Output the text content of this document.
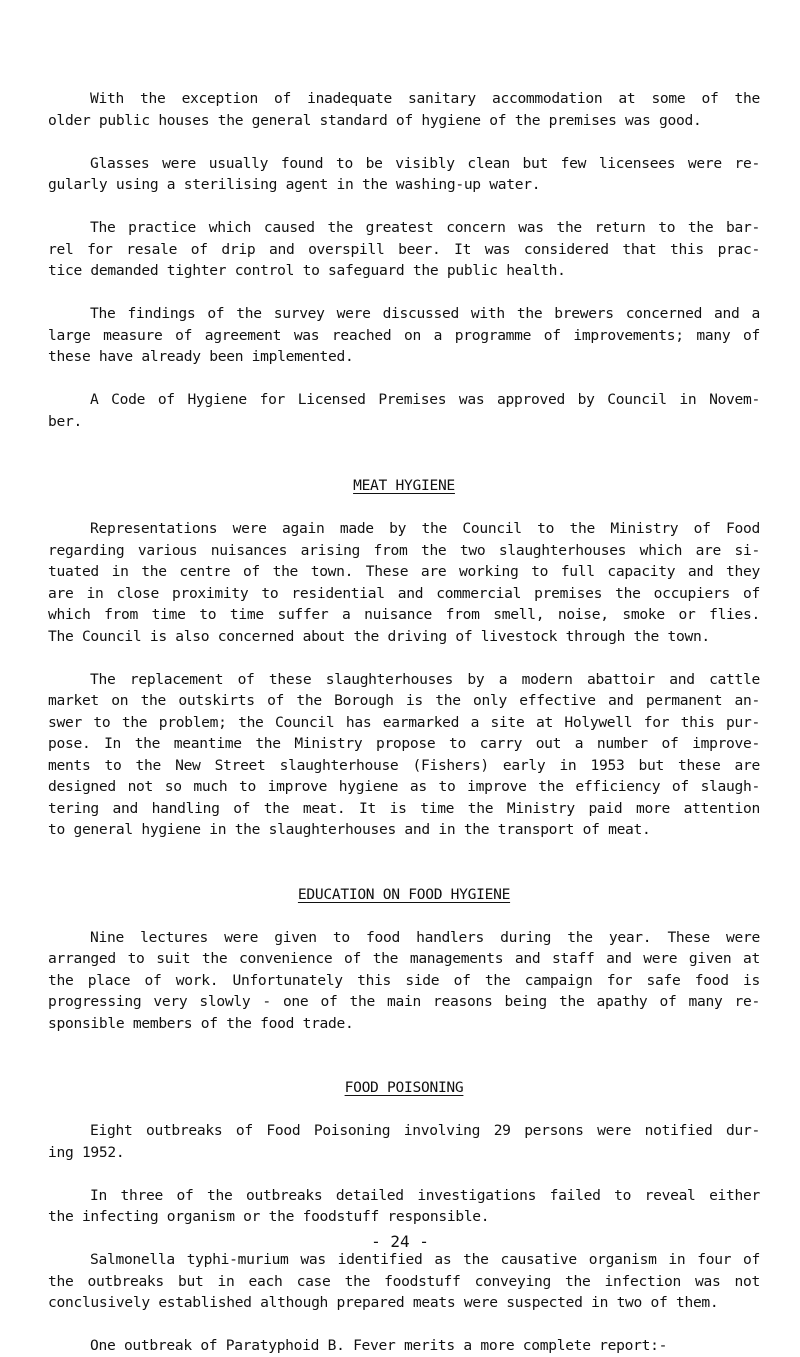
With the exception of inadequate sanitary accommodation at some of the
older public houses the general standard of hygiene of the premises was good.
Glasses were usually found to be visibly clean but few licensees were re-
gularly using a sterilising agent in the washing-up water.
The practice which caused the greatest concern was the return to the bar-
rel for resale of drip and overspill beer. It was considered that this prac-
tice demanded tighter control to safeguard the public health.
The findings of the survey were discussed with the brewers concerned and a
large measure of agreement was reached on a programme of improvements; many of
these have already been implemented.
A Code of Hygiene for Licensed Premises was approved by Council in Novem-
ber.
MEAT HYGIENE
Representations were again made by the Council to the Ministry of Food
regarding various nuisances arising from the two slaughterhouses which are si-
tuated in the centre of the town. These are working to full capacity and they
are in close proximity to residential and commercial premises the occupiers of
which from time to time suffer a nuisance from smell, noise, smoke or flies.
The Council is also concerned about the driving of livestock through the town.
The replacement of these slaughterhouses by a modern abattoir and cattle
market on the outskirts of the Borough is the only effective and permanent an-
swer to the problem; the Council has earmarked a site at Holywell for this pur-
pose. In the meantime the Ministry propose to carry out a number of improve-
ments to the New Street slaughterhouse (Fishers) early in 1953 but these are
designed not so much to improve hygiene as to improve the efficiency of slaugh-
tering and handling of the meat. It is time the Ministry paid more attention
to general hygiene in the slaughterhouses and in the transport of meat.
EDUCATION ON FOOD HYGIENE
Nine lectures were given to food handlers during the year. These were
arranged to suit the convenience of the managements and staff and were given at
the place of work. Unfortunately this side of the campaign for safe food is
progressing very slowly - one of the main reasons being the apathy of many re-
sponsible members of the food trade.
FOOD POISONING
Eight outbreaks of Food Poisoning involving 29 persons were notified dur-
ing 1952.
In three of the outbreaks detailed investigations failed to reveal either
the infecting organism or the foodstuff responsible.
Salmonella typhi-murium was identified as the causative organism in four of
the outbreaks but in each case the foodstuff conveying the infection was not
conclusively established although prepared meats were suspected in two of them.
One outbreak of Paratyphoid B. Fever merits a more complete report:-
- 24 -
